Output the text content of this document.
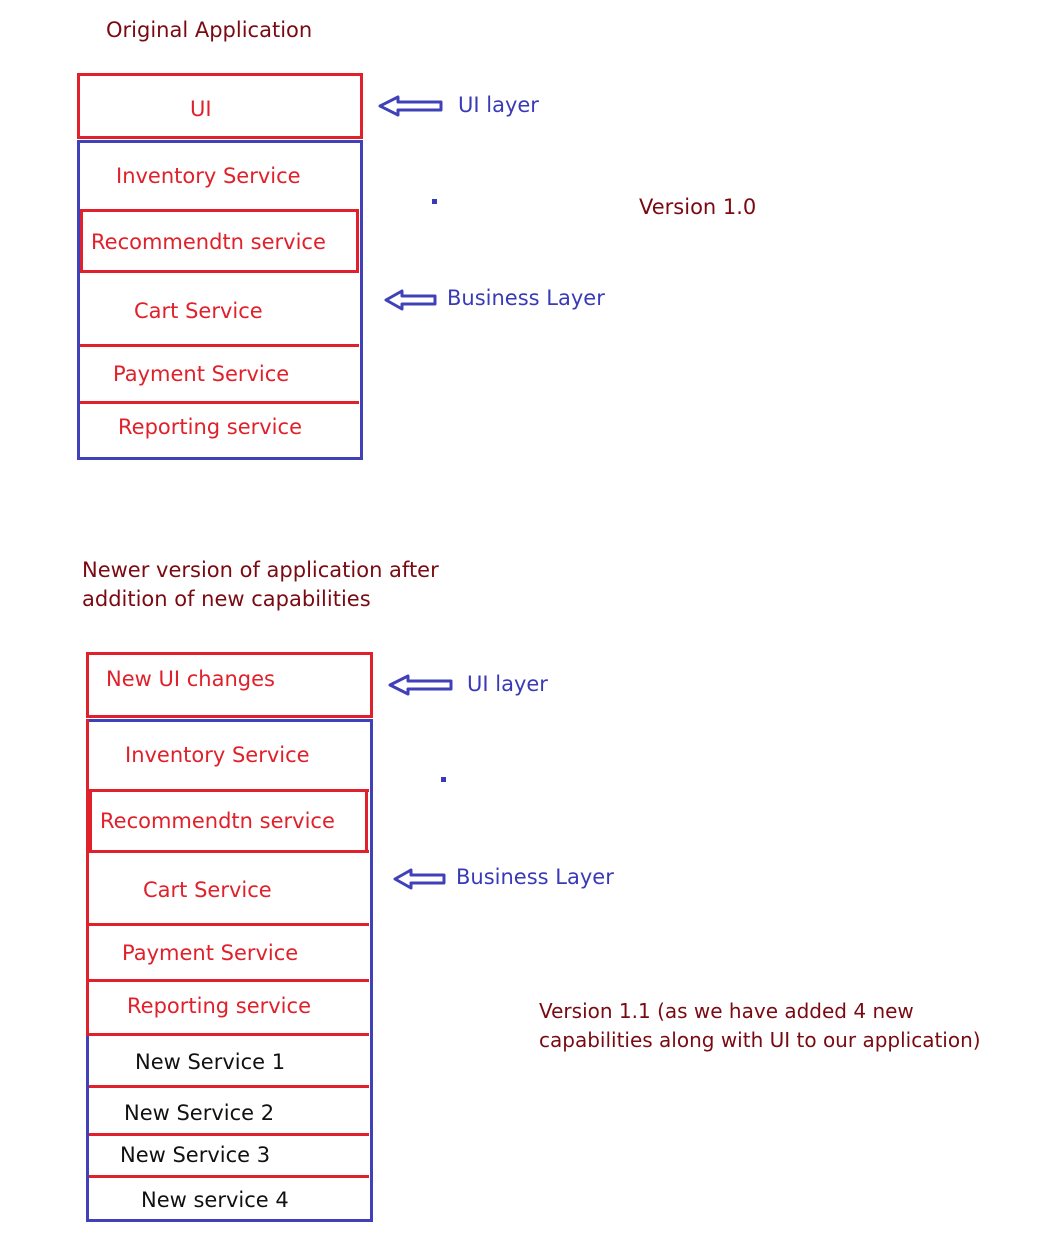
Original Application
UI	UI layer
Inventory Service
Recommendtn service
Cart Service
Payment Service
Reporting service
Version 1.0
Business Layer
Newer version of application after
addition of new capabilities
New UI changes	UI layer
Inventory Service
Recommendtn service
Cart Service
Payment Service
Reporting service
New Service 1
New Service 2
New Service 3
New service 4
Business Layer
Version 1.1 (as we have added 4 new
capabilities along with UI to our application)
